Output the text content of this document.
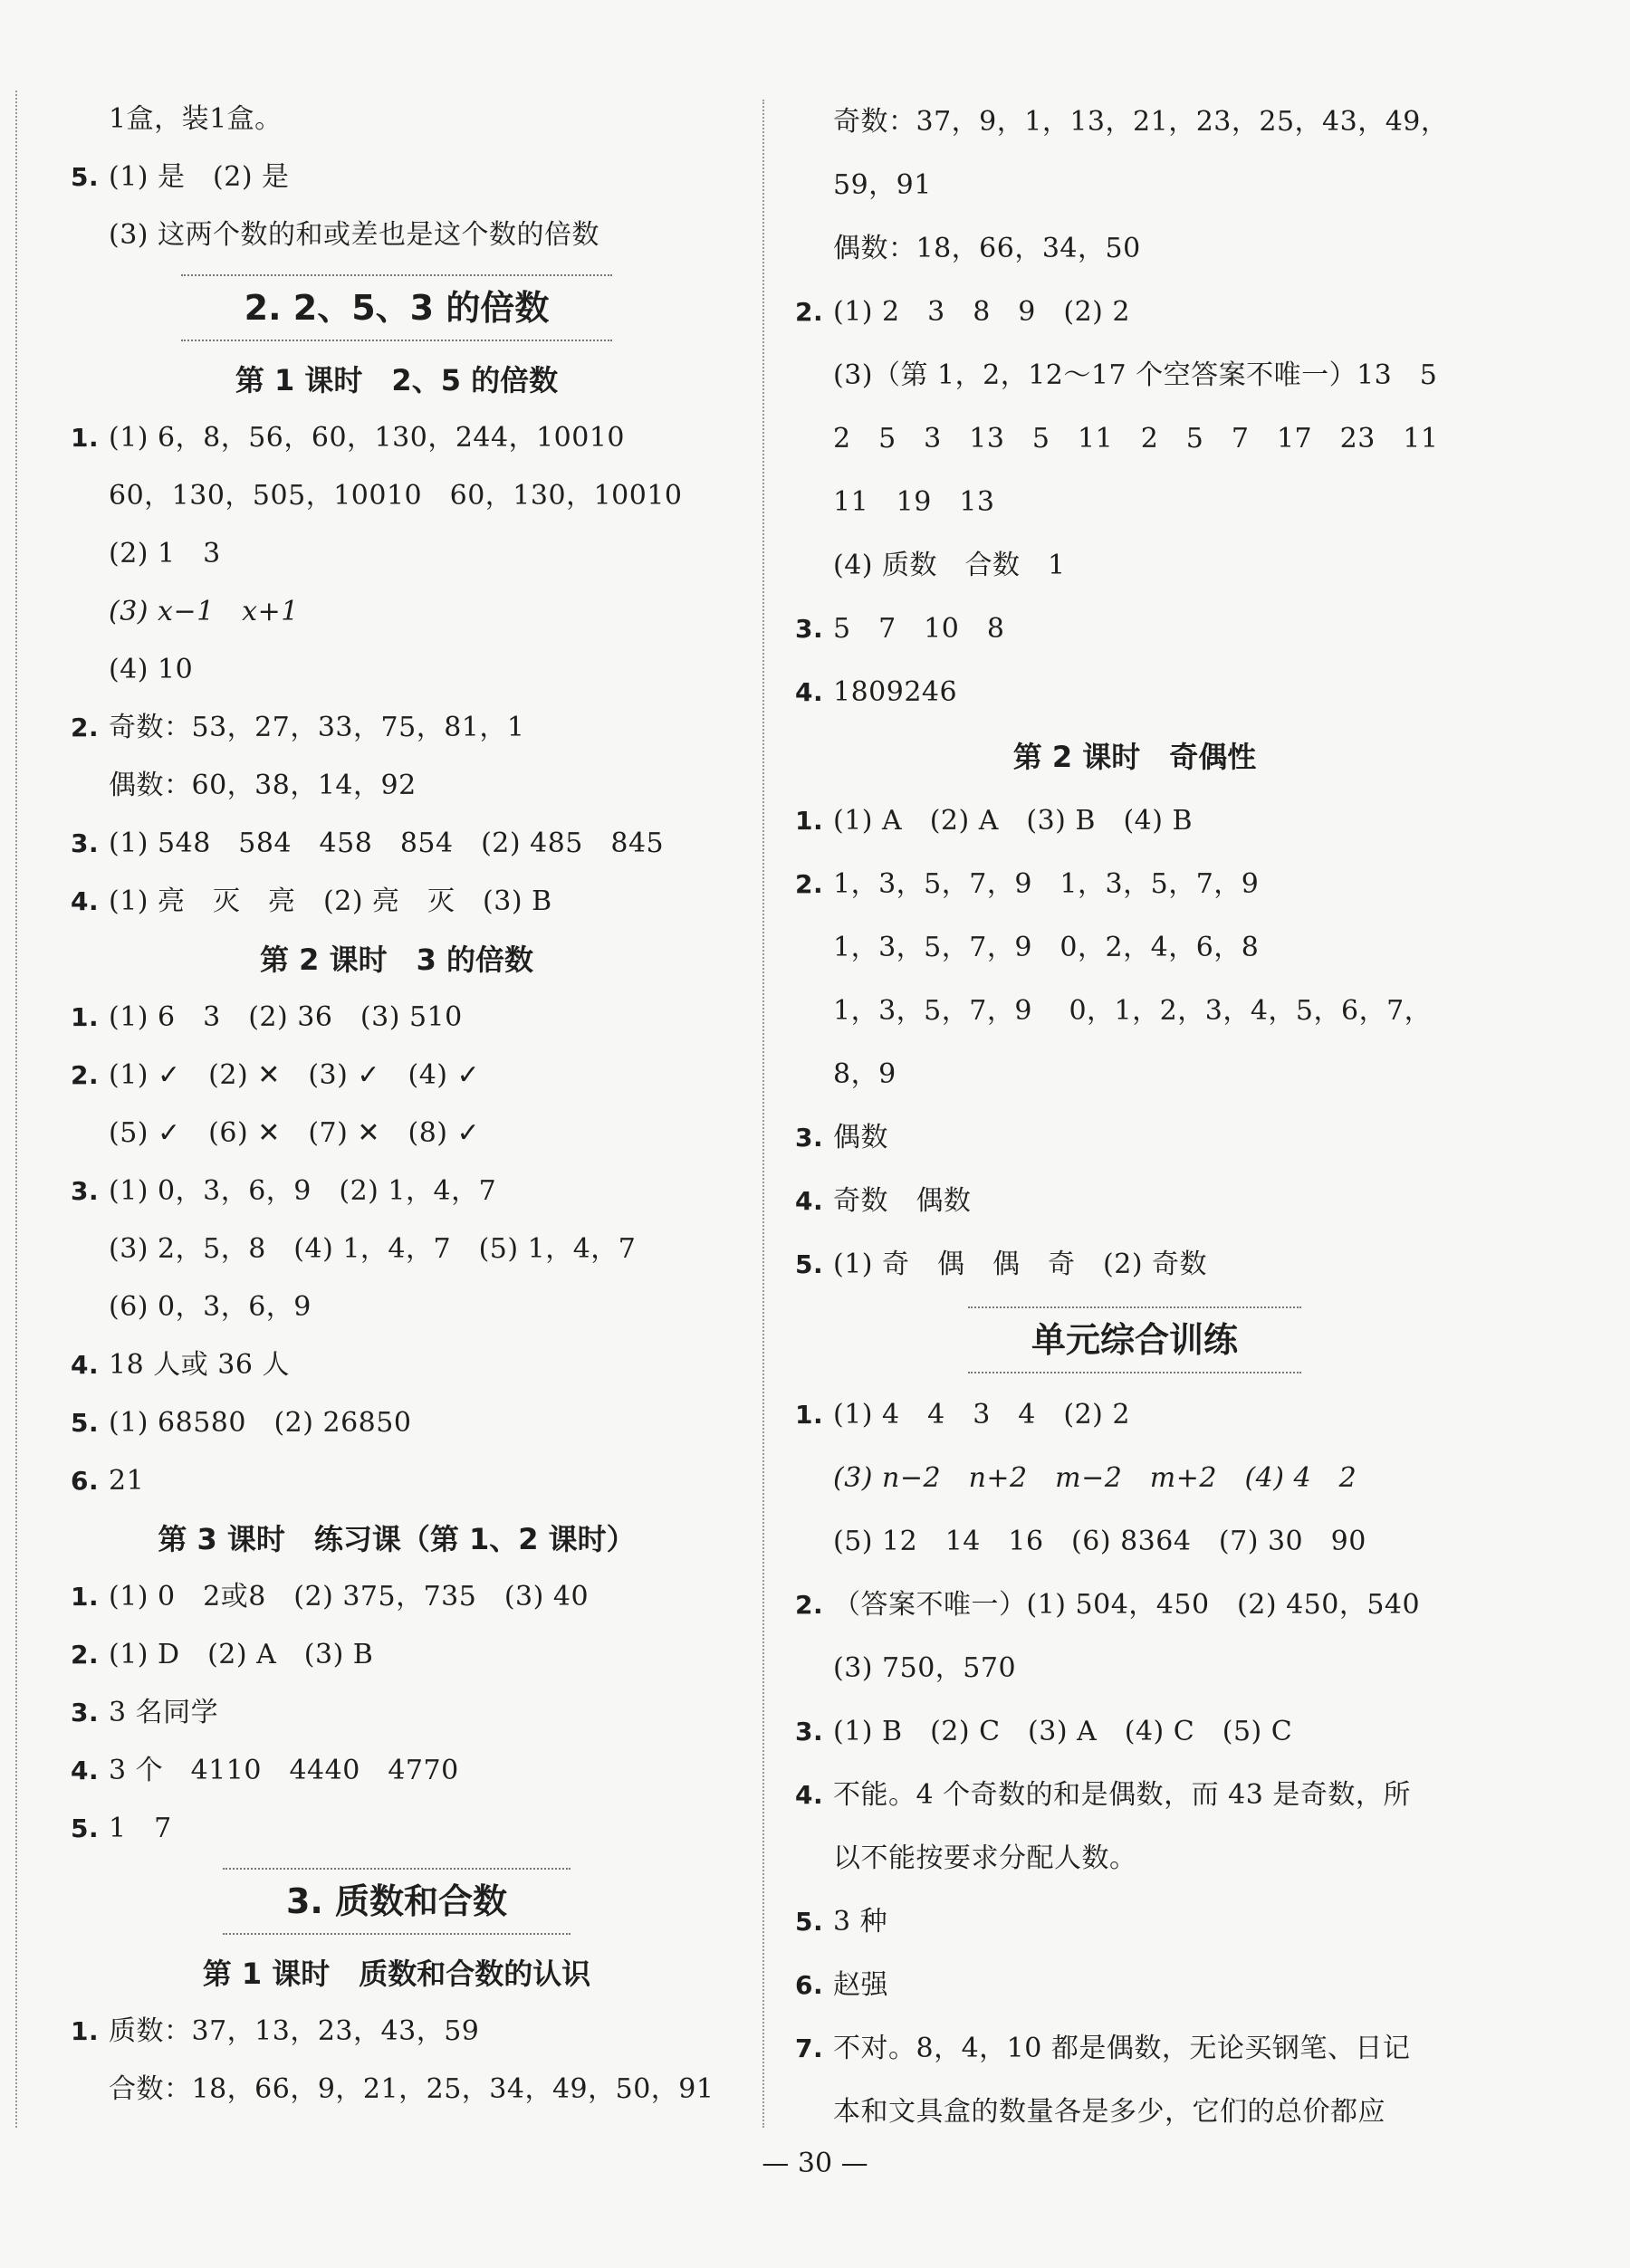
1盒，装1盒。
5. (1) 是　(2) 是
(3) 这两个数的和或差也是这个数的倍数
2. 2、5、3 的倍数
第 1 课时　2、5 的倍数
1. (1) 6，8，56，60，130，244，10010
60，130，505，10010　60，130，10010
(2) 1　3
(3) x−1　x+1
(4) 10
2. 奇数：53，27，33，75，81，1
偶数：60，38，14，92
3. (1) 548　584　458　854　(2) 485　845
4. (1) 亮　灭　亮　(2) 亮　灭　(3) B
第 2 课时　3 的倍数
1. (1) 6　3　(2) 36　(3) 510
2. (1) ✓　(2) ✕　(3) ✓　(4) ✓
(5) ✓　(6) ✕　(7) ✕　(8) ✓
3. (1) 0，3，6，9　(2) 1，4，7
(3) 2，5，8　(4) 1，4，7　(5) 1，4，7
(6) 0，3，6，9
4. 18 人或 36 人
5. (1) 68580　(2) 26850
6. 21
第 3 课时　练习课（第 1、2 课时）
1. (1) 0　2或8　(2) 375，735　(3) 40
2. (1) D　(2) A　(3) B
3. 3 名同学
4. 3 个　4110　4440　4770
5. 1　7
3. 质数和合数
第 1 课时　质数和合数的认识
1. 质数：37，13，23，43，59
合数：18，66，9，21，25，34，49，50，91
奇数：37，9，1，13，21，23，25，43，49，
59，91
偶数：18，66，34，50
2. (1) 2　3　8　9　(2) 2
(3)（第 1，2，12～17 个空答案不唯一）13　5
2　5　3　13　5　11　2　5　7　17　23　11
11　19　13
(4) 质数　合数　1
3. 5　7　10　8
4. 1809246
第 2 课时　奇偶性
1. (1) A　(2) A　(3) B　(4) B
2. 1，3，5，7，9　1，3，5，7，9
1，3，5，7，9　0，2，4，6，8
1，3，5，7，9　 0，1，2，3，4，5，6，7，
8，9
3. 偶数
4. 奇数　偶数
5. (1) 奇　偶　偶　奇　(2) 奇数
单元综合训练
1. (1) 4　4　3　4　(2) 2
(3) n−2　n+2　m−2　m+2　(4) 4　2
(5) 12　14　16　(6) 8364　(7) 30　90
2. （答案不唯一）(1) 504，450　(2) 450，540
(3) 750，570
3. (1) B　(2) C　(3) A　(4) C　(5) C
4. 不能。4 个奇数的和是偶数，而 43 是奇数，所
以不能按要求分配人数。
5. 3 种
6. 赵强
7. 不对。8，4，10 都是偶数，无论买钢笔、日记
本和文具盒的数量各是多少，它们的总价都应
— 30 —
